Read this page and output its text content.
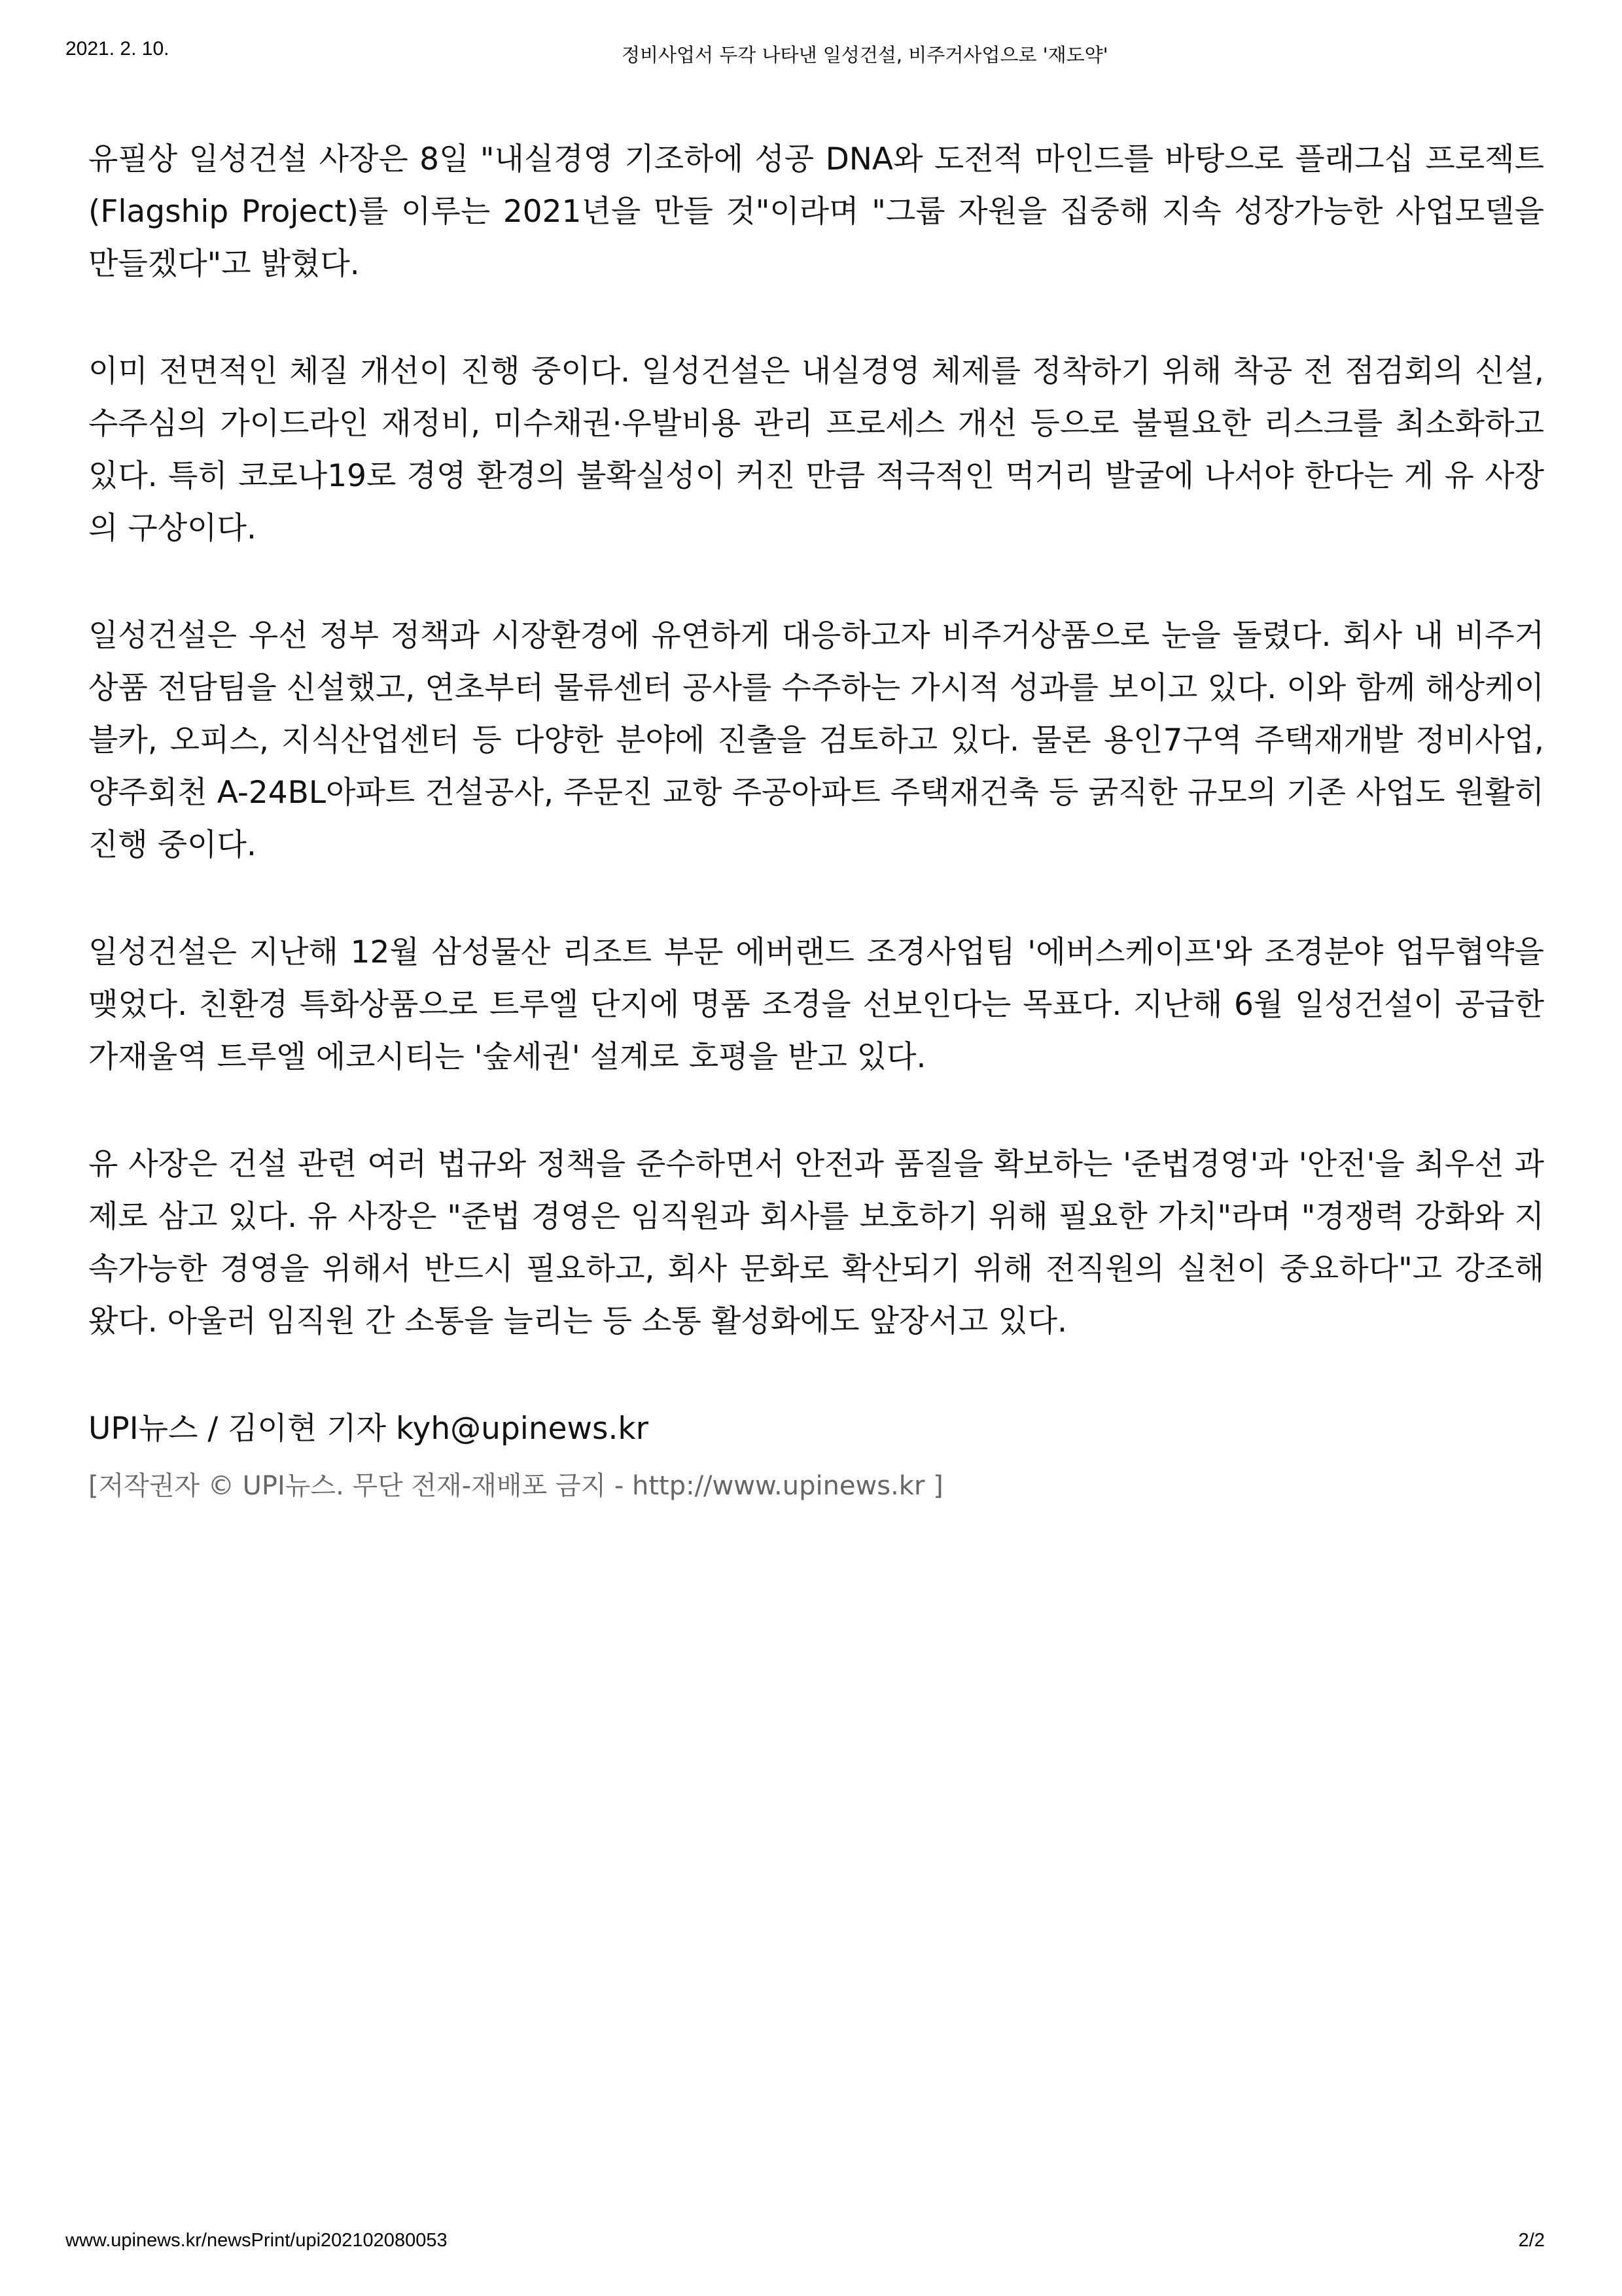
2021. 2. 10.	정비사업서 두각 나타낸 일성건설, 비주거사업으로 '재도약'

유필상 일성건설 사장은 8일 "내실경영 기조하에 성공 DNA와 도전적 마인드를 바탕으로 플래그십 프로젝트(Flagship Project)를 이루는 2021년을 만들 것"이라며 "그룹 자원을 집중해 지속 성장가능한 사업모델을 만들겠다"고 밝혔다.

이미 전면적인 체질 개선이 진행 중이다. 일성건설은 내실경영 체제를 정착하기 위해 착공 전 점검회의 신설, 수주심의 가이드라인 재정비, 미수채권·우발비용 관리 프로세스 개선 등으로 불필요한 리스크를 최소화하고 있다. 특히 코로나19로 경영 환경의 불확실성이 커진 만큼 적극적인 먹거리 발굴에 나서야 한다는 게 유 사장의 구상이다.

일성건설은 우선 정부 정책과 시장환경에 유연하게 대응하고자 비주거상품으로 눈을 돌렸다. 회사 내 비주거상품 전담팀을 신설했고, 연초부터 물류센터 공사를 수주하는 가시적 성과를 보이고 있다. 이와 함께 해상케이블카, 오피스, 지식산업센터 등 다양한 분야에 진출을 검토하고 있다. 물론 용인7구역 주택재개발 정비사업, 양주회천 A-24BL아파트 건설공사, 주문진 교항 주공아파트 주택재건축 등 굵직한 규모의 기존 사업도 원활히 진행 중이다.

일성건설은 지난해 12월 삼성물산 리조트 부문 에버랜드 조경사업팀 '에버스케이프'와 조경분야 업무협약을 맺었다. 친환경 특화상품으로 트루엘 단지에 명품 조경을 선보인다는 목표다. 지난해 6월 일성건설이 공급한 가재울역 트루엘 에코시티는 '숲세권' 설계로 호평을 받고 있다.

유 사장은 건설 관련 여러 법규와 정책을 준수하면서 안전과 품질을 확보하는 '준법경영'과 '안전'을 최우선 과제로 삼고 있다. 유 사장은 "준법 경영은 임직원과 회사를 보호하기 위해 필요한 가치"라며 "경쟁력 강화와 지속가능한 경영을 위해서 반드시 필요하고, 회사 문화로 확산되기 위해 전직원의 실천이 중요하다"고 강조해 왔다. 아울러 임직원 간 소통을 늘리는 등 소통 활성화에도 앞장서고 있다.

UPI뉴스 / 김이현 기자 kyh@upinews.kr

[저작권자 © UPI뉴스. 무단 전재-재배포 금지 - http://www.upinews.kr ]

www.upinews.kr/newsPrint/upi202102080053	2/2
